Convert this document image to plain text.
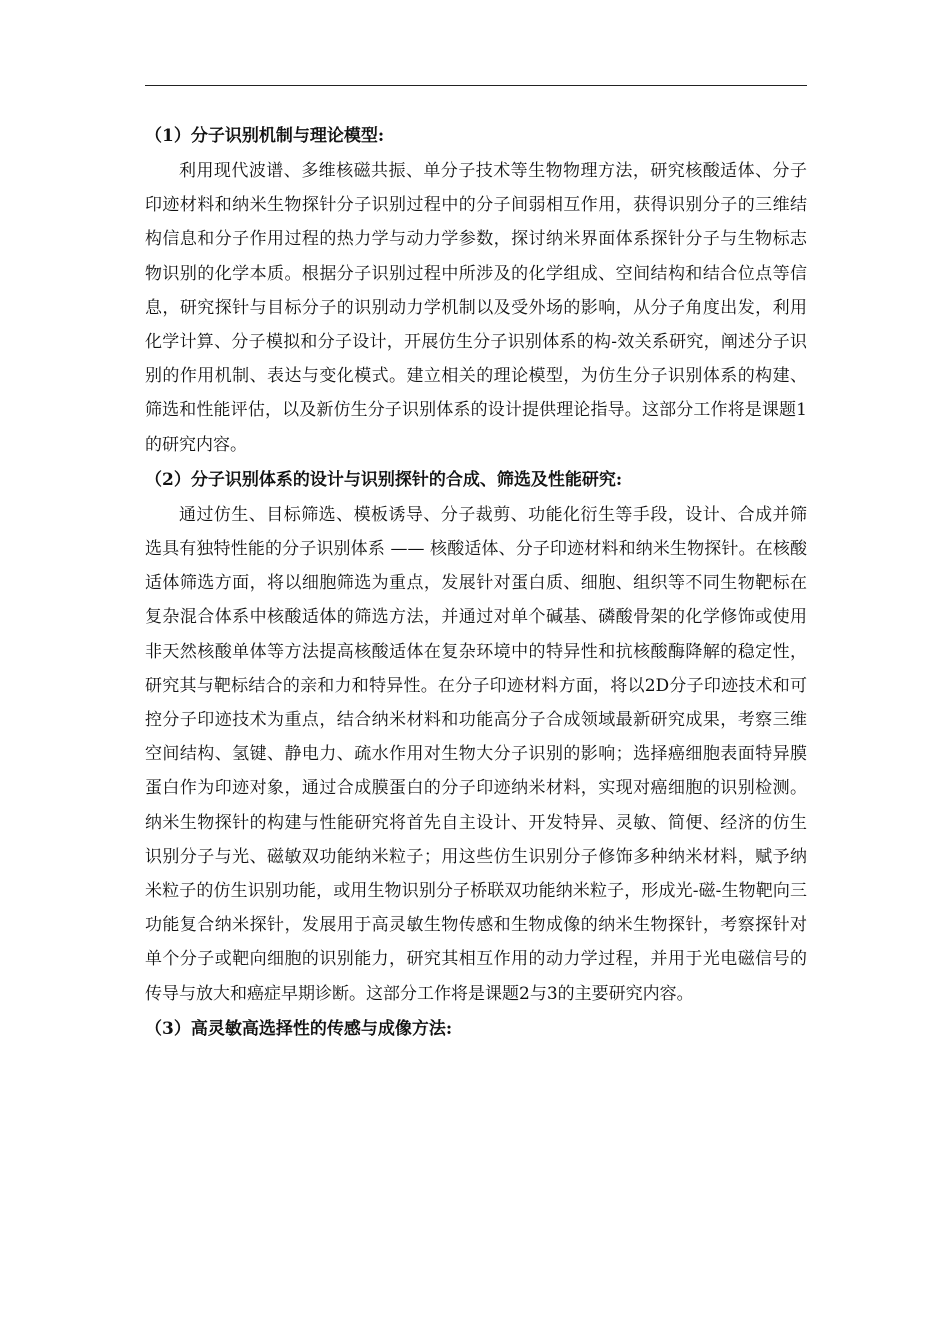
（1）分子识别机制与理论模型:

利用现代波谱、多维核磁共振、单分子技术等生物物理方法，研究核酸适体、分子印迹材料和纳米生物探针分子识别过程中的分子间弱相互作用，获得识别分子的三维结构信息和分子作用过程的热力学与动力学参数，探讨纳米界面体系探针分子与生物标志物识别的化学本质。根据分子识别过程中所涉及的化学组成、空间结构和结合位点等信息，研究探针与目标分子的识别动力学机制以及受外场的影响，从分子角度出发，利用化学计算、分子模拟和分子设计，开展仿生分子识别体系的构-效关系研究，阐述分子识别的作用机制、表达与变化模式。建立相关的理论模型，为仿生分子识别体系的构建、筛选和性能评估，以及新仿生分子识别体系的设计提供理论指导。这部分工作将是课题1的研究内容。

（2）分子识别体系的设计与识别探针的合成、筛选及性能研究:

通过仿生、目标筛选、模板诱导、分子裁剪、功能化衍生等手段，设计、合成并筛选具有独特性能的分子识别体系 —— 核酸适体、分子印迹材料和纳米生物探针。在核酸适体筛选方面，将以细胞筛选为重点，发展针对蛋白质、细胞、组织等不同生物靶标在复杂混合体系中核酸适体的筛选方法，并通过对单个碱基、磷酸骨架的化学修饰或使用非天然核酸单体等方法提高核酸适体在复杂环境中的特异性和抗核酸酶降解的稳定性，研究其与靶标结合的亲和力和特异性。在分子印迹材料方面，将以2D分子印迹技术和可控分子印迹技术为重点，结合纳米材料和功能高分子合成领域最新研究成果，考察三维空间结构、氢键、静电力、疏水作用对生物大分子识别的影响；选择癌细胞表面特异膜蛋白作为印迹对象，通过合成膜蛋白的分子印迹纳米材料，实现对癌细胞的识别检测。纳米生物探针的构建与性能研究将首先自主设计、开发特异、灵敏、简便、经济的仿生识别分子与光、磁敏双功能纳米粒子；用这些仿生识别分子修饰多种纳米材料，赋予纳米粒子的仿生识别功能，或用生物识别分子桥联双功能纳米粒子，形成光-磁-生物靶向三功能复合纳米探针，发展用于高灵敏生物传感和生物成像的纳米生物探针，考察探针对单个分子或靶向细胞的识别能力，研究其相互作用的动力学过程，并用于光电磁信号的传导与放大和癌症早期诊断。这部分工作将是课题2与3的主要研究内容。

（3）高灵敏高选择性的传感与成像方法:
